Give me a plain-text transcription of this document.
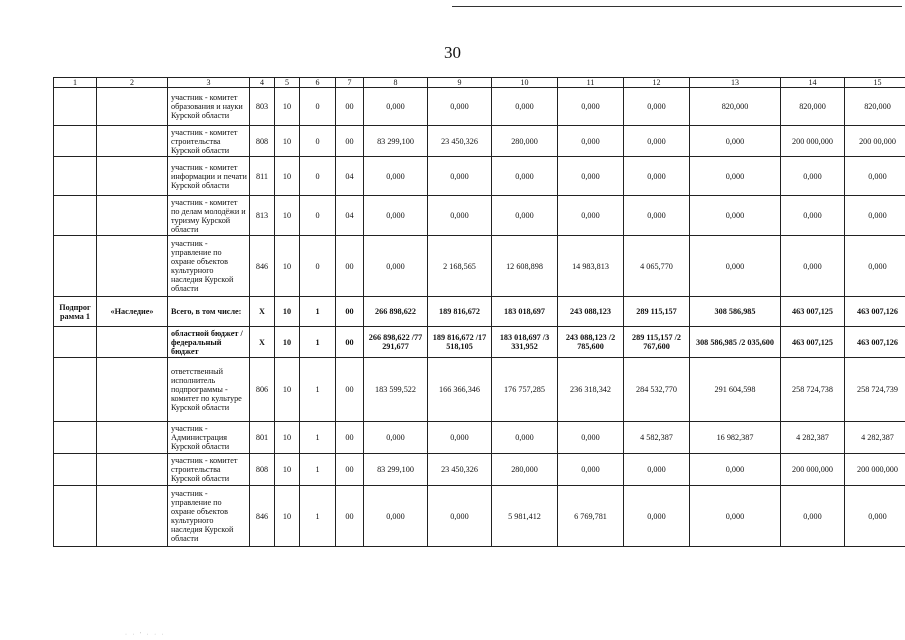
30
1	2	3	4	5	6	7	8	9	10	11	12	13	14	15
		участник - комитет образования и науки Курской области	803	10	0	00	0,000	0,000	0,000	0,000	0,000	820,000	820,000	820,000
		участник - комитет строительства Курской области	808	10	0	00	83 299,100	23 450,326	280,000	0,000	0,000	0,000	200 000,000	200 00,000
		участник - комитет информации и печати Курской области	811	10	0	04	0,000	0,000	0,000	0,000	0,000	0,000	0,000	0,000
		участник - комитет по делам молодёжи и туризму Курской области	813	10	0	04	0,000	0,000	0,000	0,000	0,000	0,000	0,000	0,000
		участник - управление по охране объектов культурного наследия Курской области	846	10	0	00	0,000	2 168,565	12 608,898	14 983,813	4 065,770	0,000	0,000	0,000
Подпрог рамма 1	«Наследие»	Всего, в том числе:	Х	10	1	00	266 898,622	189 816,672	183 018,697	243 088,123	289 115,157	308 586,985	463 007,125	463 007,126
		областной бюджет /федеральный бюджет	Х	10	1	00	266 898,622 /77 291,677	189 816,672 /17 518,105	183 018,697 /3 331,952	243 088,123 /2 785,600	289 115,157 /2 767,600	308 586,985 /2 035,600	463 007,125	463 007,126
		ответственный исполнитель подпрограммы - комитет по культуре Курской области	806	10	1	00	183 599,522	166 366,346	176 757,285	236 318,342	284 532,770	291 604,598	258 724,738	258 724,739
		участник - Администрация Курской области	801	10	1	00	0,000	0,000	0,000	0,000	4 582,387	16 982,387	4 282,387	4 282,387
		участник - комитет строительства Курской области	808	10	1	00	83 299,100	23 450,326	280,000	0,000	0,000	0,000	200 000,000	200 000,000
		участник - управление по охране объектов культурного наследия Курской области	846	10	1	00	0,000	0,000	5 981,412	6 769,781	0,000	0,000	0,000	0,000
· · ' · · ·
